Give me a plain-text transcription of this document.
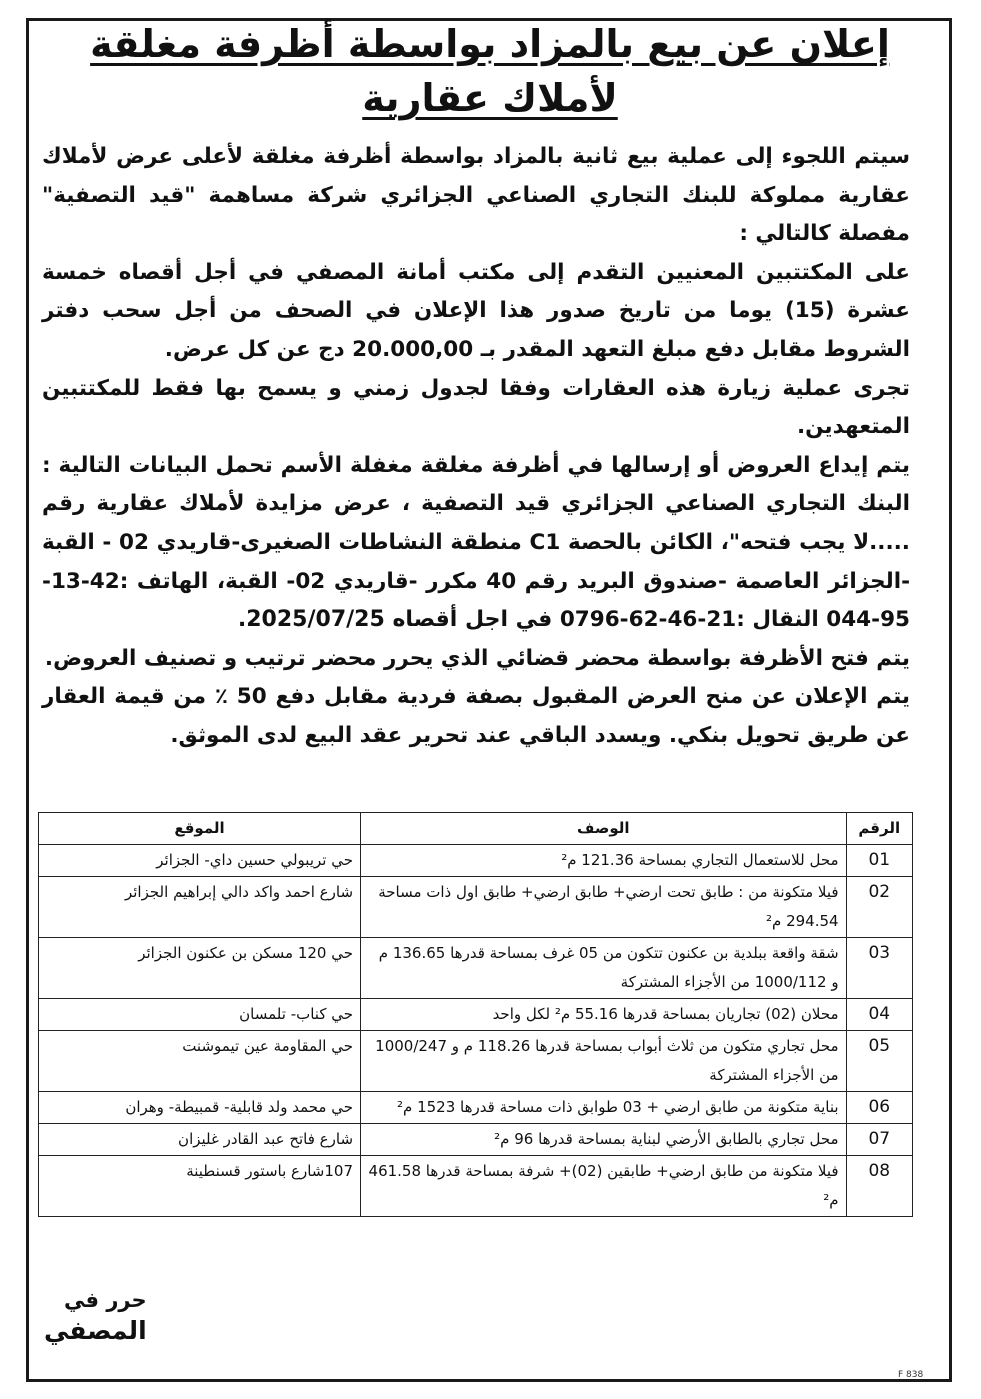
إعلان عن بيع بالمزاد بواسطة أظرفة مغلقة
لأملاك عقارية

سيتم اللجوء إلى عملية بيع ثانية بالمزاد بواسطة أظرفة مغلقة لأعلى عرض لأملاك عقارية مملوكة للبنك التجاري الصناعي الجزائري شركة مساهمة "قيد التصفية" مفصلة كالتالي :

على المكتتبين المعنيين التقدم إلى مكتب أمانة المصفي في أجل أقصاه خمسة عشرة (15) يوما من تاريخ صدور هذا الإعلان في الصحف من أجل سحب دفتر الشروط مقابل دفع مبلغ التعهد المقدر بـ 20.000,00 دج عن كل عرض.

تجرى عملية زيارة هذه العقارات وفقا لجدول زمني و يسمح بها فقط للمكتتبين المتعهدين.

يتم إيداع العروض أو إرسالها في أظرفة مغلقة مغفلة الأسم تحمل البيانات التالية : البنك التجاري الصناعي الجزائري قيد التصفية ، عرض مزايدة لأملاك عقارية رقم .....لا يجب فتحه"، الكائن بالحصة C1 منطقة النشاطات الصغيرى-قاريدي 02 - القبة -الجزائر العاصمة -صندوق البريد رقم 40 مكرر -قاريدي 02- القبة، الهاتف :42-13-95-044 النقال :21-46-62-0796 في اجل أقصاه 2025/07/25.

يتم فتح الأظرفة بواسطة محضر قضائي الذي يحرر محضر ترتيب و تصنيف العروض.

يتم الإعلان عن منح العرض المقبول بصفة فردية مقابل دفع 50 ٪ من قيمة العقار عن طريق تحويل بنكي. ويسدد الباقي عند تحرير عقد البيع لدى الموثق.

الرقم	الوصف	الموقع
01	محل للاستعمال التجاري بمساحة 121.36 م²	حي تريبولي حسين داي- الجزائر
02	فيلا متكونة من : طابق تحت ارضي+ طابق ارضي+ طابق اول ذات مساحة 294.54 م²	شارع احمد واكد دالي إبراهيم الجزائر
03	شقة واقعة ببلدية بن عكنون تتكون من 05 غرف بمساحة قدرها 136.65 م و 1000/112 من الأجزاء المشتركة	حي 120 مسكن بن عكنون الجزائر
04	محلان (02) تجاريان بمساحة قدرها 55.16 م² لكل واحد	حي كناب- تلمسان
05	محل تجاري متكون من ثلاث أبواب بمساحة قدرها 118.26 م و 1000/247 من الأجزاء المشتركة	حي المقاومة عين تيموشنت
06	بناية متكونة من طابق ارضي + 03 طوابق ذات مساحة قدرها 1523 م²	حي محمد ولد قابلية- قمبيطة- وهران
07	محل تجاري بالطابق الأرضي لبناية بمساحة قدرها 96 م²	شارع فاتح عبد القادر غليزان
08	فيلا متكونة من طابق ارضي+ طابقين (02)+ شرفة بمساحة قدرها 461.58 م²	107شارع باستور قسنطينة
حرر في
المصفي
F 838
